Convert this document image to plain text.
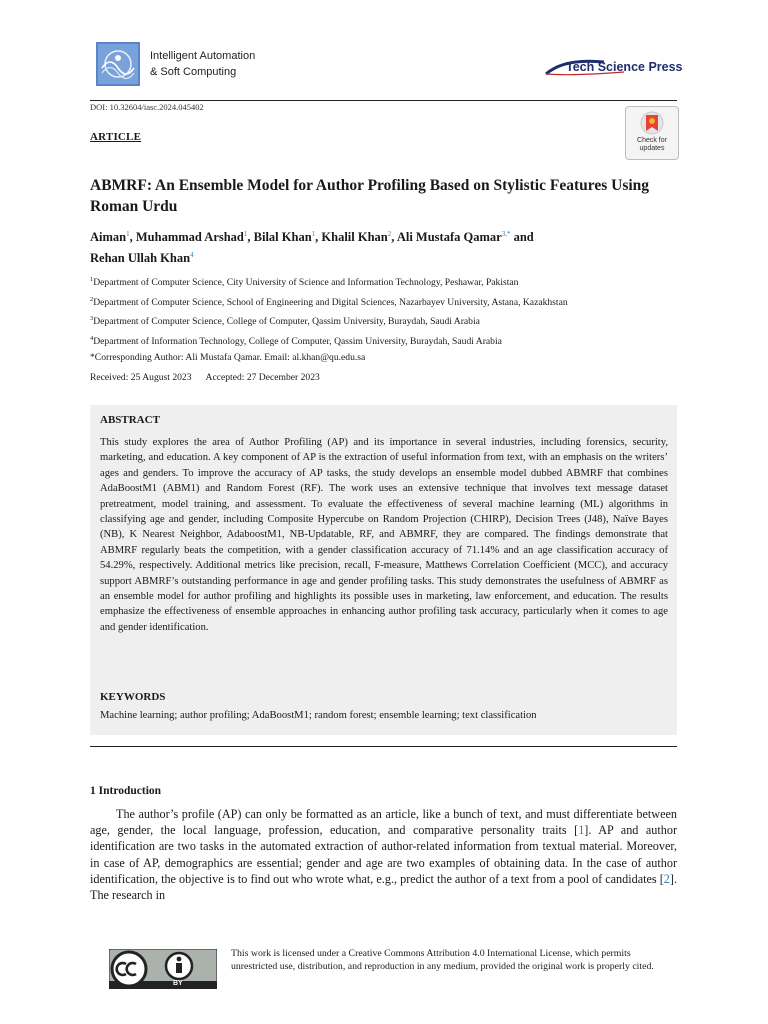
Intelligent Automation
& Soft Computing	Tech Science Press
DOI: 10.32604/iasc.2024.045402
ARTICLE	Check for
updates
ABMRF: An Ensemble Model for Author Profiling Based on Stylistic Features Using Roman Urdu
Aiman$^1$, Muhammad Arshad$^1$, Bilal Khan$^1$, Khalil Khan$^2$, Ali Mustafa Qamar$^{3,*}$ and
Rehan Ullah Khan$^4$
$^1$Department of Computer Science, City University of Science and Information Technology, Peshawar, Pakistan
$^2$Department of Computer Science, School of Engineering and Digital Sciences, Nazarbayev University, Astana, Kazakhstan
$^3$Department of Computer Science, College of Computer, Qassim University, Buraydah, Saudi Arabia
$^4$Department of Information Technology, College of Computer, Qassim University, Buraydah, Saudi Arabia
*Corresponding Author: Ali Mustafa Qamar. Email: al.khan@qu.edu.sa
Received: 25 August 2023 Accepted: 27 December 2023
ABSTRACT
This study explores the area of Author Profiling (AP) and its importance in several industries, including forensics, security, marketing, and education. A key component of AP is the extraction of useful information from text, with an emphasis on the writers’ ages and genders. To improve the accuracy of AP tasks, the study develops an ensemble model dubbed ABMRF that combines AdaBoostM1 (ABM1) and Random Forest (RF). The work uses an extensive technique that involves text message dataset pretreatment, model training, and assessment. To evaluate the effectiveness of several machine learning (ML) algorithms in classifying age and gender, including Composite Hypercube on Random Projection (CHIRP), Decision Trees (J48), Naïve Bayes (NB), K Nearest Neighbor, AdaboostM1, NB-Updatable, RF, and ABMRF, they are compared. The findings demonstrate that ABMRF regularly beats the competition, with a gender classification accuracy of 71.14% and an age classification accuracy of 54.29%, respectively. Additional metrics like precision, recall, F-measure, Matthews Correlation Coefficient (MCC), and accuracy support ABMRF’s outstanding performance in age and gender profiling tasks. This study demonstrates the usefulness of ABMRF as an ensemble model for author profiling and highlights its possible uses in marketing, law enforcement, and education. The results emphasize the effectiveness of ensemble approaches in enhancing author profiling task accuracy, particularly when it comes to age and gender identification.
KEYWORDS
Machine learning; author profiling; AdaBoostM1; random forest; ensemble learning; text classification
1 Introduction
The author’s profile (AP) can only be formatted as an article, like a bunch of text, and must differentiate between age, gender, the local language, profession, education, and comparative personality traits [1]. AP and author identification are two tasks in the automated extraction of author-related information from textual material. Moreover, in case of AP, demographics are essential; gender and age are two examples of obtaining data. In the case of author identification, the objective is to find out who wrote what, e.g., predict the author of a text from a pool of candidates [2]. The research in
BY
This work is licensed under a Creative Commons Attribution 4.0 International License, which permits unrestricted use, distribution, and reproduction in any medium, provided the original work is properly cited.
